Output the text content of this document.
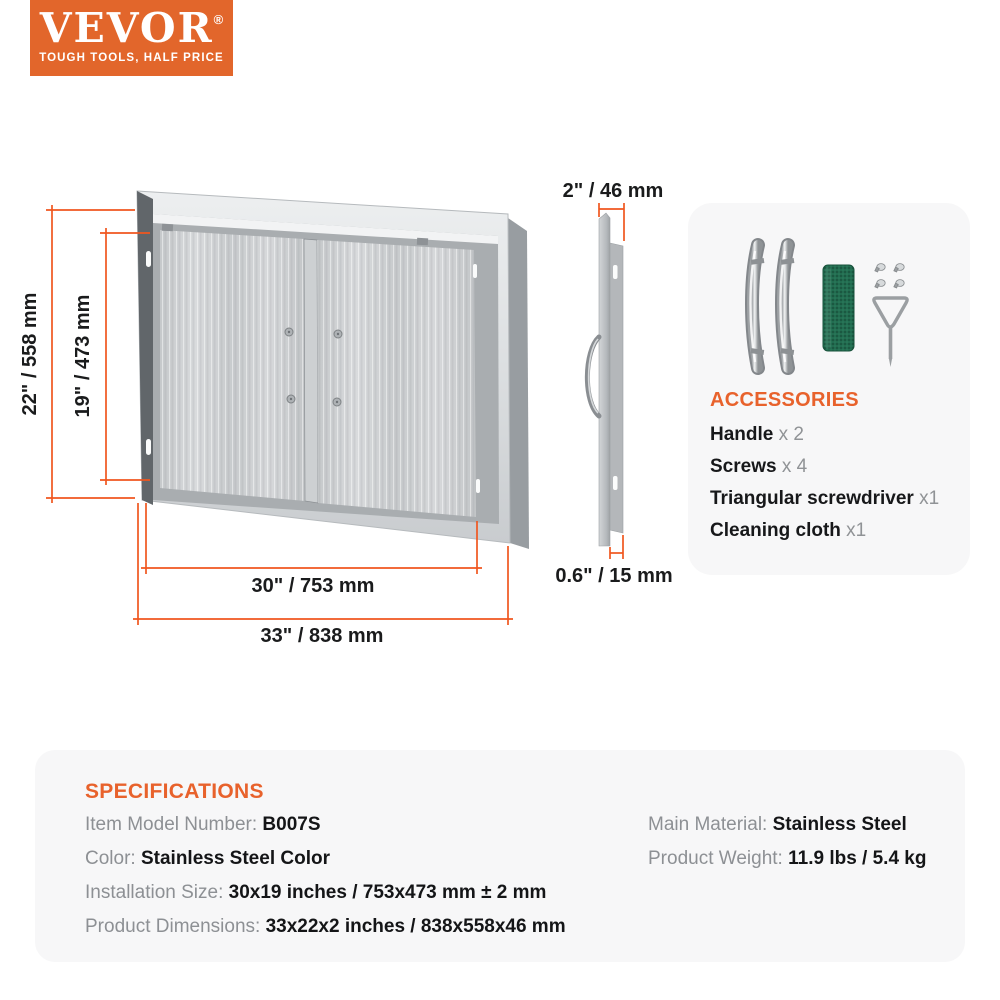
VEVOR®
TOUGH TOOLS, HALF PRICE
22" / 558 mm 19" / 473 mm
30" / 753 mm
33" / 838 mm
2" / 46 mm
0.6" / 15 mm
ACCESSORIES
Handle x 2
Screws x 4
Triangular screwdriver x1
Cleaning cloth x1
SPECIFICATIONS
Item Model Number: B007S
Color: Stainless Steel Color
Installation Size: 30x19 inches / 753x473 mm ± 2 mm
Product Dimensions: 33x22x2 inches / 838x558x46 mm
Main Material: Stainless Steel
Product Weight: 11.9 lbs / 5.4 kg
